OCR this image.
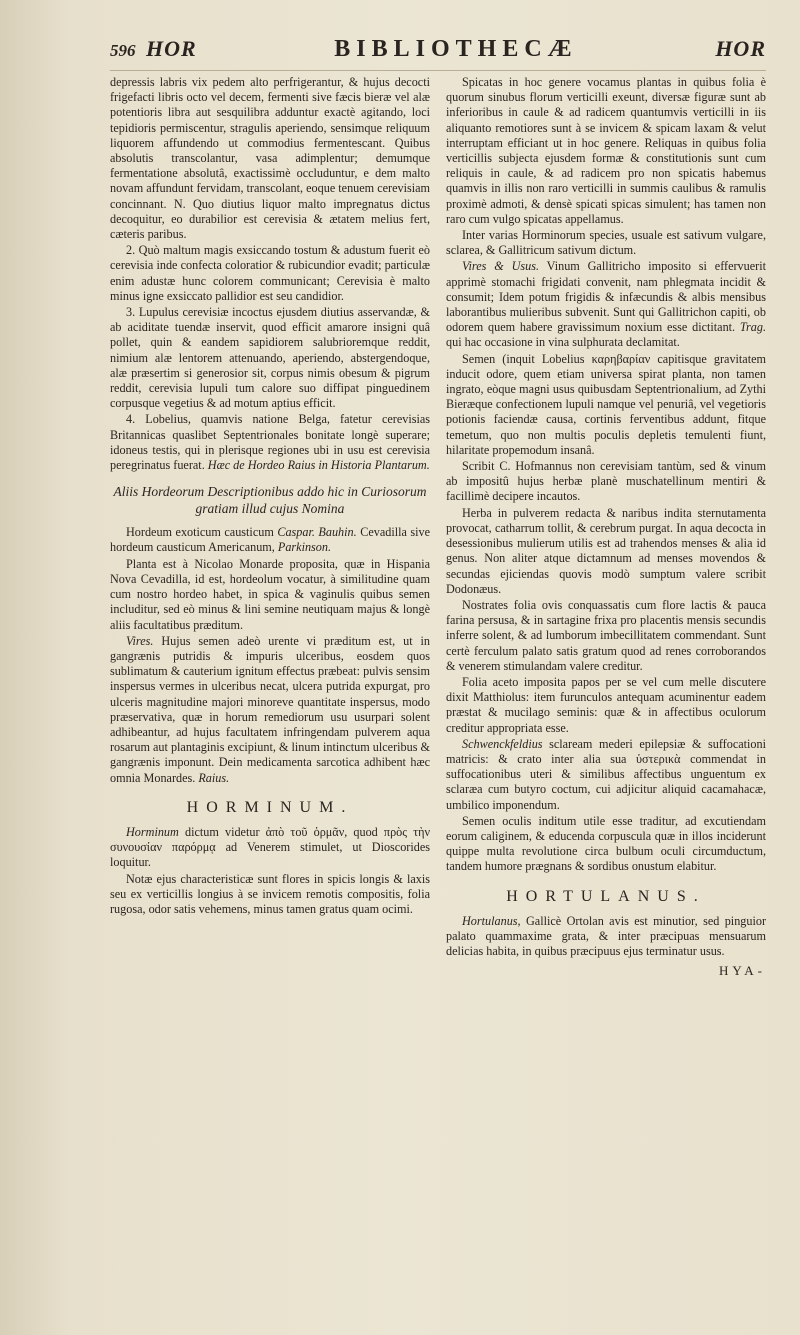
596 HOR	BIBLIOTHECÆ	HOR

depressis labris vix pedem alto perfrigerantur, & hujus decocti frigefacti libris octo vel decem, fermenti sive fæcis bieræ vel alæ potentioris libra aut sesquilibra adduntur exactè agitando, loci tepidioris permiscentur, stragulis aperiendo, sensimque reliquum liquorem affundendo ut commodius fermentescant. Quibus absolutis transcolantur, vasa adimplentur; demumque fermentatione absolutâ, exactissimè occluduntur, e dem malto novam affundunt fervidam, transcolant, eoque tenuem cerevisiam concinnant. N. Quo diutius liquor malto impregnatus dictus decoquitur, eo durabilior est cerevisia & ætatem melius fert, cæteris paribus.

2. Quò maltum magis exsiccando tostum & adustum fuerit eò cerevisia inde confecta coloratior & rubicundior evadit; particulæ enim adustæ hunc colorem communicant; Cerevisia è malto minus igne exsiccato pallidior est seu candidior.

3. Lupulus cerevisiæ incoctus ejusdem diutius asservandæ, & ab aciditate tuendæ inservit, quod efficit amarore insigni quâ pollet, quin & eandem sapidiorem salubrioremque reddit, nimium alæ lentorem attenuando, aperiendo, abstergendoque, alæ præsertim si generosior sit, corpus nimis obesum & pigrum reddit, cerevisia lupuli tum calore suo diffipat pinguedinem corpusque vegetius & ad motum aptius efficit.

4. Lobelius, quamvis natione Belga, fatetur cerevisias Britannicas quaslibet Septentrionales bonitate longè superare; idoneus testis, qui in plerisque regiones ubi in usu est cerevisia peregrinatus fuerat. Hæc de Hordeo Raius in Historia Plantarum.

Aliis Hordeorum Descriptionibus addo hic in Curiosorum gratiam illud cujus Nomina

Hordeum exoticum causticum Caspar. Bauhin. Cevadilla sive hordeum causticum Americanum, Parkinson.

Planta est à Nicolao Monarde proposita, quæ in Hispania Nova Cevadilla, id est, hordeolum vocatur, à similitudine quam cum nostro hordeo habet, in spica & vaginulis quibus semen includitur, sed eò minus & lini semine neutiquam majus & longè aliis facultatibus præditum.

Vires. Hujus semen adeò urente vi præditum est, ut in gangrænis putridis & impuris ulceribus, eosdem quos sublimatum & cauterium ignitum effectus præbeat: pulvis sensim inspersus vermes in ulceribus necat, ulcera putrida expurgat, pro ulceris magnitudine majori minoreve quantitate inspersus, modo præservativa, quæ in horum remediorum usu usurpari solent adhibeantur, ad hujus facultatem infringendam pulverem aqua rosarum aut plantaginis excipiunt, & linum intinctum ulceribus & gangrænis imponunt. Dein medicamenta sarcotica adhibent hæc omnia Monardes. Raius.

HORMINUM.

Horminum dictum videtur ἀπὸ τοῦ ὁρμᾶν, quod πρὸς τὴν συνουσίαν παρόρμᾳ ad Venerem stimulet, ut Dioscorides loquitur.

Notæ ejus characteristicæ sunt flores in spicis longis & laxis seu ex verticillis longius à se invicem remotis compositis, folia rugosa, odor satis vehemens, minus tamen gratus quam ocimi.

Spicatas in hoc genere vocamus plantas in quibus folia è quorum sinubus florum verticilli exeunt, diversæ figuræ sunt ab inferioribus in caule & ad radicem quantumvis verticilli in iis aliquanto remotiores sunt à se invicem & spicam laxam & velut interruptam efficiant ut in hoc genere. Reliquas in quibus folia verticillis subjecta ejusdem formæ & constitutionis sunt cum reliquis in caule, & ad radicem pro non spicatis habemus quamvis in illis non raro verticilli in summis caulibus & ramulis proximè admoti, & densè spicati spicas simulent; has tamen non raro cum vulgo spicatas appellamus.

Inter varias Horminorum species, usuale est sativum vulgare, sclarea, & Gallitricum sativum dictum.

Vires & Usus. Vinum Gallitricho imposito si effervuerit apprimè stomachi frigidati convenit, nam phlegmata incidit & consumit; Idem potum frigidis & infæcundis & albis mensibus laborantibus mulieribus subvenit. Sunt qui Gallitrichon capiti, ob odorem quem habere gravissimum noxium esse dictitant. Trag. qui hac occasione in vina sulphurata declamitat.

Semen (inquit Lobelius καρηβαρίαν capitisque gravitatem inducit odore, quem etiam universa spirat planta, non tamen ingrato, eòque magni usus quibusdam Septentrionalium, ad Zythi Bieræque confectionem lupuli namque vel penuriâ, vel vegetioris potionis faciendæ causa, cortinis ferventibus addunt, fitque temetum, quo non multis poculis depletis temulenti fiunt, hilaritate propemodum insanâ.

Scribit C. Hofmannus non cerevisiam tantùm, sed & vinum ab impositû hujus herbæ planè muschatellinum mentiri & facillimè decipere incautos.

Herba in pulverem redacta & naribus indita sternutamenta provocat, catharrum tollit, & cerebrum purgat. In aqua decocta in desessionibus mulierum utilis est ad trahendos menses & alia id genus. Non aliter atque dictamnum ad menses movendos & secundas ejiciendas quovis modò sumptum valere scribit Dodonæus.

Nostrates folia ovis conquassatis cum flore lactis & pauca farina persusa, & in sartagine frixa pro placentis mensis secundis inferre solent, & ad lumborum imbecillitatem commendant. Sunt certè ferculum palato satis gratum quod ad renes corroborandos & venerem stimulandam valere creditur.

Folia aceto imposita papos per se vel cum melle discutere dixit Matthiolus: item furunculos antequam acuminentur eadem præstat & mucilago seminis: quæ & in affectibus oculorum creditur appropriata esse.

Schwenckfeldius sclaream mederi epilepsiæ & suffocationi matricis: & crato inter alia sua ὑστερικὰ commendat in suffocationibus uteri & similibus affectibus unguentum ex sclaræa cum butyro coctum, cui adjicitur aliquid cacamahacæ, umbilico imponendum.

Semen oculis inditum utile esse traditur, ad excutiendam eorum caliginem, & educenda corpuscula quæ in illos inciderunt quippe multa revolutione circa bulbum oculi circumductum, tandem humore prægnans & sordibus onustum elabitur.

HORTULANUS.

Hortulanus, Gallicè Ortolan avis est minutior, sed pinguior palato quammaxime grata, & inter præcipuas mensuarum delicias habita, in quibus præcipuus ejus terminatur usus.

HYA-
